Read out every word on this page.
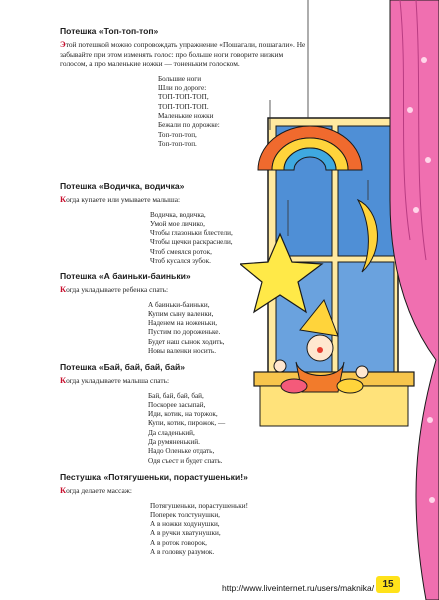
Потешка «Топ-топ-топ»

Этой потешкой можно сопровождать упражнение «Пошагали, пошагали». Не забывайте при этом изменять голос: про больше ноги говорите низким голосом, а про маленькие ножки — тоненьким голоском.

Большие ноги
Шли по дороге:
ТОП-ТОП-ТОП,
ТОП-ТОП-ТОП.
Маленькие ножки
Бежали по дорожке:
Топ-топ-топ,
Топ-топ-топ.
Потешка «Водичка, водичка»

Когда купаете или умываете малыша:

Водичка, водичка,
Умой мое личико,
Чтобы глазоньки блестели,
Чтобы щечки раскраснели,
Чтоб смеялся роток,
Чтоб кусался зубок.
Потешка «А баиньки-баиньки»

Когда укладываете ребенка спать:

А баиньки-баиньки,
Купим сыну валенки,
Наденем на ноженьки,
Пустим по дороженьке.
Будет наш сынок ходить,
Новы валенки носить.
Потешка «Бай, бай, бай, бай»

Когда укладываете малыша спать:

Бай, бай, бай, бай,
Поскорее засыпай,
Иди, котик, на торжок,
Купи, котик, пирожок, —
Да сладенький,
Да румяненький.
Надо Оленьке отдать,
Одя съест и будет спать.
Пестушка «Потягушеньки, порастушеньки!»

Когда делаете массаж:

Потягушеньки, порастушеньки!
Поперек толстунушки,
А в ножки ходунушки,
А в ручки хватунушки,
А в роток говорок,
А в головку разумок.
http://www.liveinternet.ru/users/maknika/ 15
